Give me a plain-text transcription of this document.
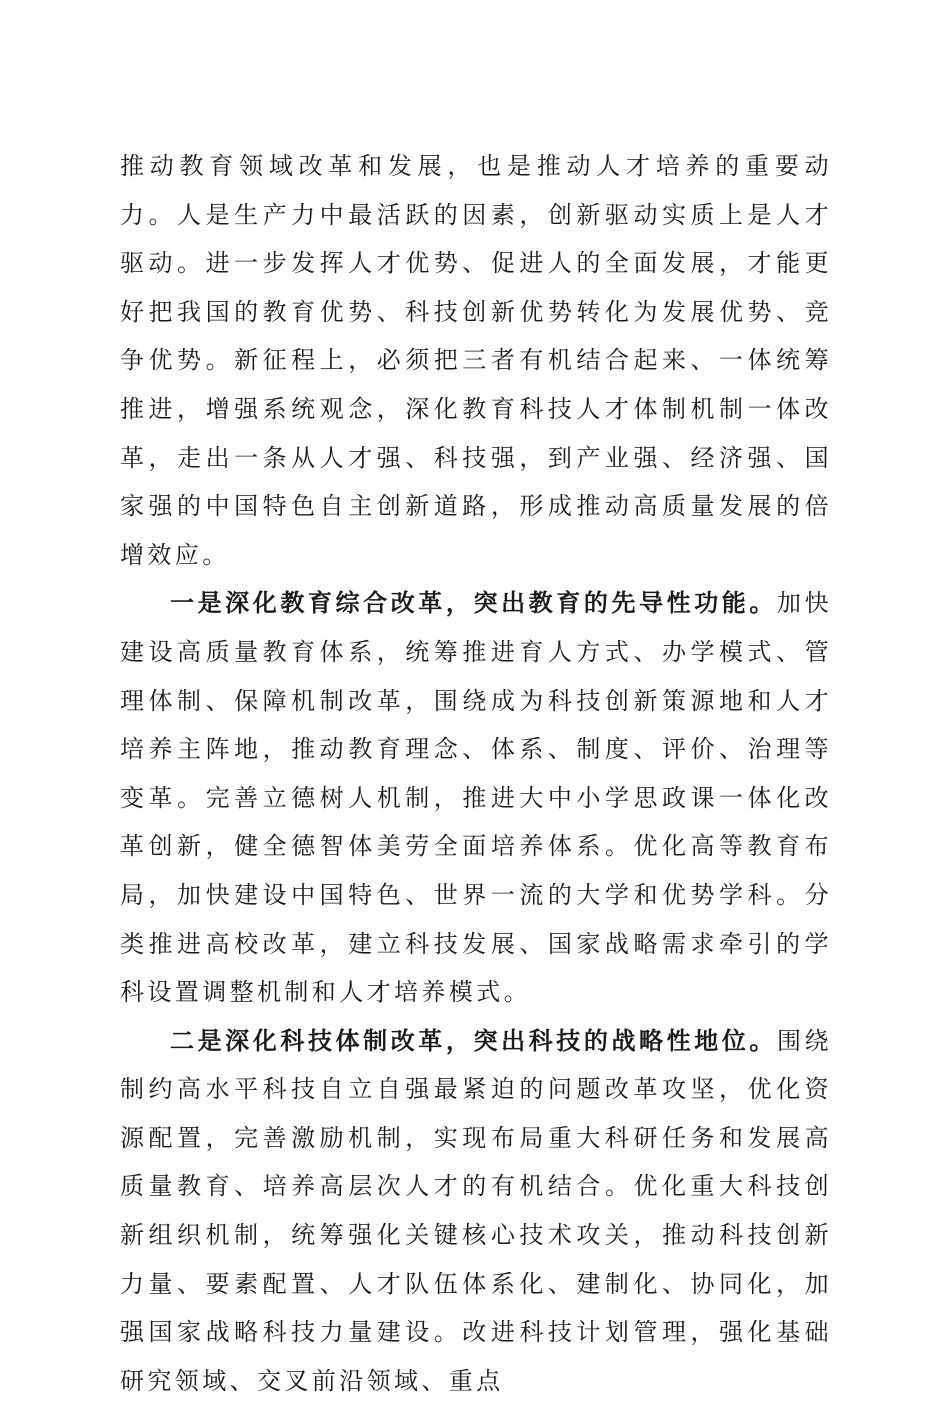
推动教育领域改革和发展，也是推动人才培养的重要动力。人是生产力中最活跃的因素，创新驱动实质上是人才驱动。进一步发挥人才优势、促进人的全面发展，才能更好把我国的教育优势、科技创新优势转化为发展优势、竞争优势。新征程上，必须把三者有机结合起来、一体统筹推进，增强系统观念，深化教育科技人才体制机制一体改革，走出一条从人才强、科技强，到产业强、经济强、国家强的中国特色自主创新道路，形成推动高质量发展的倍增效应。

一是深化教育综合改革，突出教育的先导性功能。加快建设高质量教育体系，统筹推进育人方式、办学模式、管理体制、保障机制改革，围绕成为科技创新策源地和人才培养主阵地，推动教育理念、体系、制度、评价、治理等变革。完善立德树人机制，推进大中小学思政课一体化改革创新，健全德智体美劳全面培养体系。优化高等教育布局，加快建设中国特色、世界一流的大学和优势学科。分类推进高校改革，建立科技发展、国家战略需求牵引的学科设置调整机制和人才培养模式。

二是深化科技体制改革，突出科技的战略性地位。围绕制约高水平科技自立自强最紧迫的问题改革攻坚，优化资源配置，完善激励机制，实现布局重大科研任务和发展高质量教育、培养高层次人才的有机结合。优化重大科技创新组织机制，统筹强化关键核心技术攻关，推动科技创新力量、要素配置、人才队伍体系化、建制化、协同化，加强国家战略科技力量建设。改进科技计划管理，强化基础研究领域、交叉前沿领域、重点
